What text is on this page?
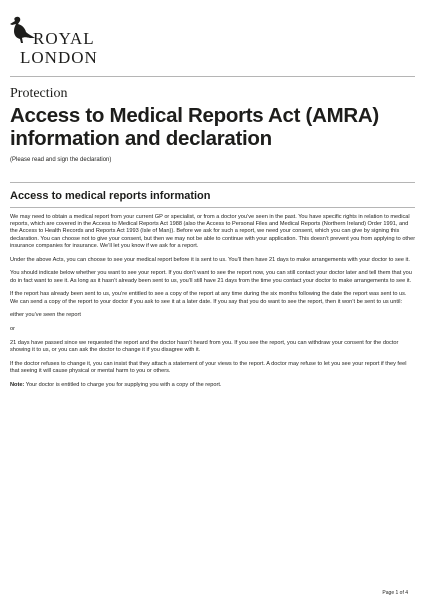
ROYAL
LONDON
Protection
Access to Medical Reports Act (AMRA) information and declaration
(Please read and sign the declaration)
Access to medical reports information

We may need to obtain a medical report from your current GP or specialist, or from a doctor you’ve seen in the past. You have specific rights in relation to medical reports, which are covered in the Access to Medical Reports Act 1988 (also the Access to Personal Files and Medical Reports (Northern Ireland) Order 1991, and the Access to Health Records and Reports Act 1993 (Isle of Man)). Before we ask for such a report, we need your consent, which you can give by signing this declaration. You can choose not to give your consent, but then we may not be able to continue with your application. This doesn’t prevent you from applying to other insurance companies for insurance. We’ll let you know if we ask for a report.

Under the above Acts, you can choose to see your medical report before it is sent to us. You’ll then have 21 days to make arrangements with your doctor to see it.

You should indicate below whether you want to see your report. If you don’t want to see the report now, you can still contact your doctor later and tell them that you do in fact want to see it. As long as it hasn’t already been sent to us, you’ll still have 21 days from the time you contact your doctor to make arrangements to see it.

If the report has already been sent to us, you’re entitled to see a copy of the report at any time during the six months following the date the report was sent to us. We can send a copy of the report to your doctor if you ask to see it at a later date. If you say that you do want to see the report, then it won’t be sent to us until:

either you’ve seen the report

or

21 days have passed since we requested the report and the doctor hasn’t heard from you. If you see the report, you can withdraw your consent for the doctor showing it to us, or you can ask the doctor to change it if you disagree with it.

If the doctor refuses to change it, you can insist that they attach a statement of your views to the report. A doctor may refuse to let you see your report if they feel that seeing it will cause physical or mental harm to you or others.

Note: Your doctor is entitled to charge you for supplying you with a copy of the report.

Page 1 of 4
